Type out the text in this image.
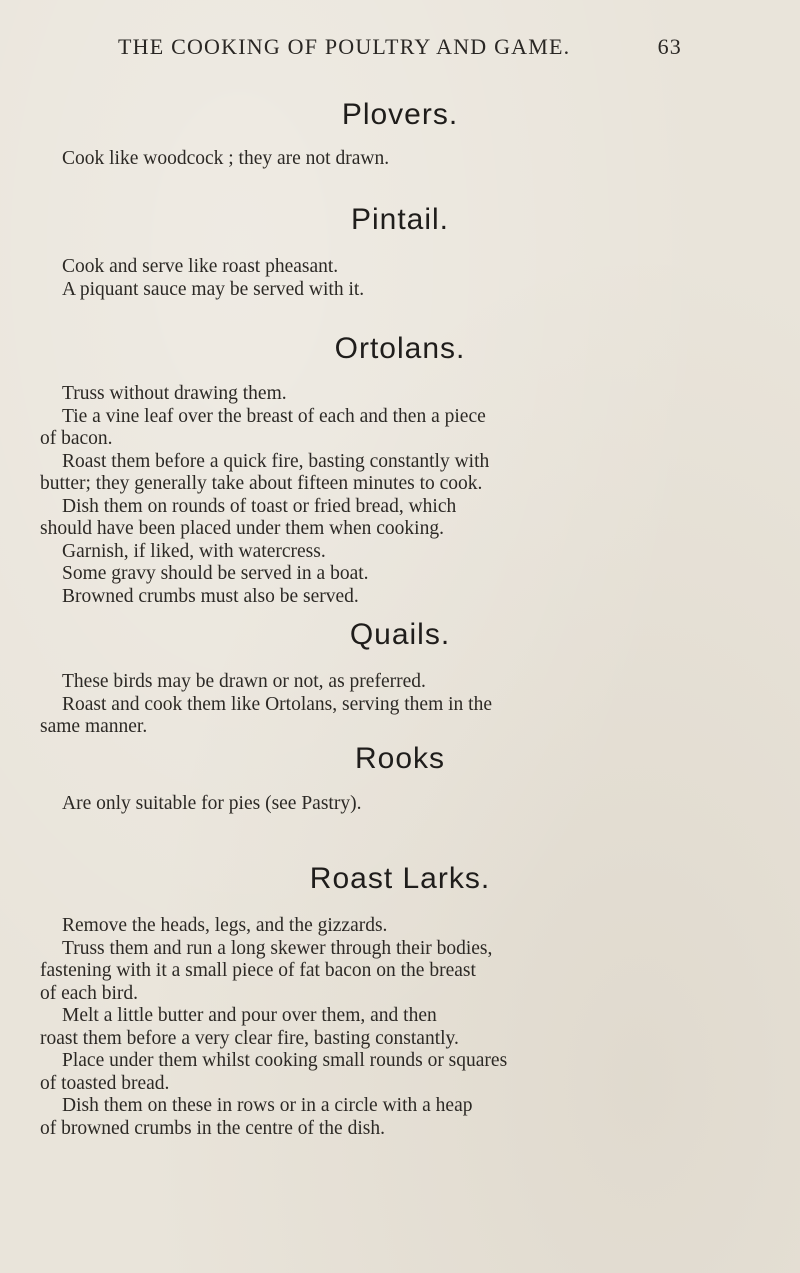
THE COOKING OF POULTRY AND GAME.	63
Plovers.

Cook like woodcock ; they are not drawn.

Pintail.

Cook and serve like roast pheasant.
A piquant sauce may be served with it.

Ortolans.

Truss without drawing them.
Tie a vine leaf over the breast of each and then a piece
of bacon.
Roast them before a quick fire, basting constantly with
butter; they generally take about fifteen minutes to cook.
Dish them on rounds of toast or fried bread, which
should have been placed under them when cooking.
Garnish, if liked, with watercress.
Some gravy should be served in a boat.
Browned crumbs must also be served.

Quails.

These birds may be drawn or not, as preferred.
Roast and cook them like Ortolans, serving them in the
same manner.

Rooks

Are only suitable for pies (see Pastry).

Roast Larks.

Remove the heads, legs, and the gizzards.
Truss them and run a long skewer through their bodies,
fastening with it a small piece of fat bacon on the breast
of each bird.
Melt a little butter and pour over them, and then
roast them before a very clear fire, basting constantly.
Place under them whilst cooking small rounds or squares
of toasted bread.
Dish them on these in rows or in a circle with a heap
of browned crumbs in the centre of the dish.
